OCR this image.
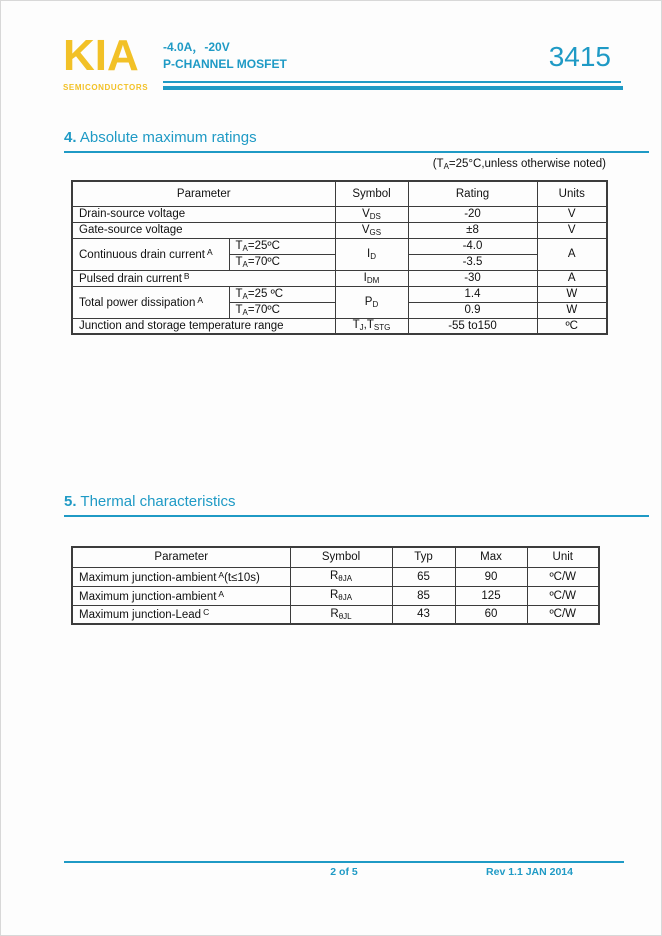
KIA
SEMICONDUCTORS
-4.0A，-20V
P-CHANNEL MOSFET	3415
4. Absolute maximum ratings
($T_A=25^\circ C,unless$ otherwise noted)
Parameter		Symbol	Rating	Units
Drain-source voltage		$V_{DS}$	-20	V
Gate-source voltage		$V_{GS}$	±8	V
Continuous drain current $^A$	$T_A=25ºC$	$I_D$	-4.0	A
	$T_A=70ºC$		-3.5	
Pulsed drain current $^B$		$I_{DM}$	-30	A
Total power dissipation $^A$	$T_A=25$ ºC	$P_D$	1.4	W
	$T_A=70ºC$		0.9	W
Junction and storage temperature range		$T_J,T_{STG}$	-55 to150	ºC
5. Thermal characteristics
Parameter	Symbol	Typ	Max	Unit
Maximum junction-ambient $^A$(t≤10s)	$R_{\theta JA}$	65	90	ºC/W
Maximum junction-ambient $^A$	$R_{\theta JA}$	85	125	ºC/W
Maximum junction-Lead $^C$	$R_{\theta JL}$	43	60	ºC/W
2 of 5	Rev 1.1 JAN 2014
